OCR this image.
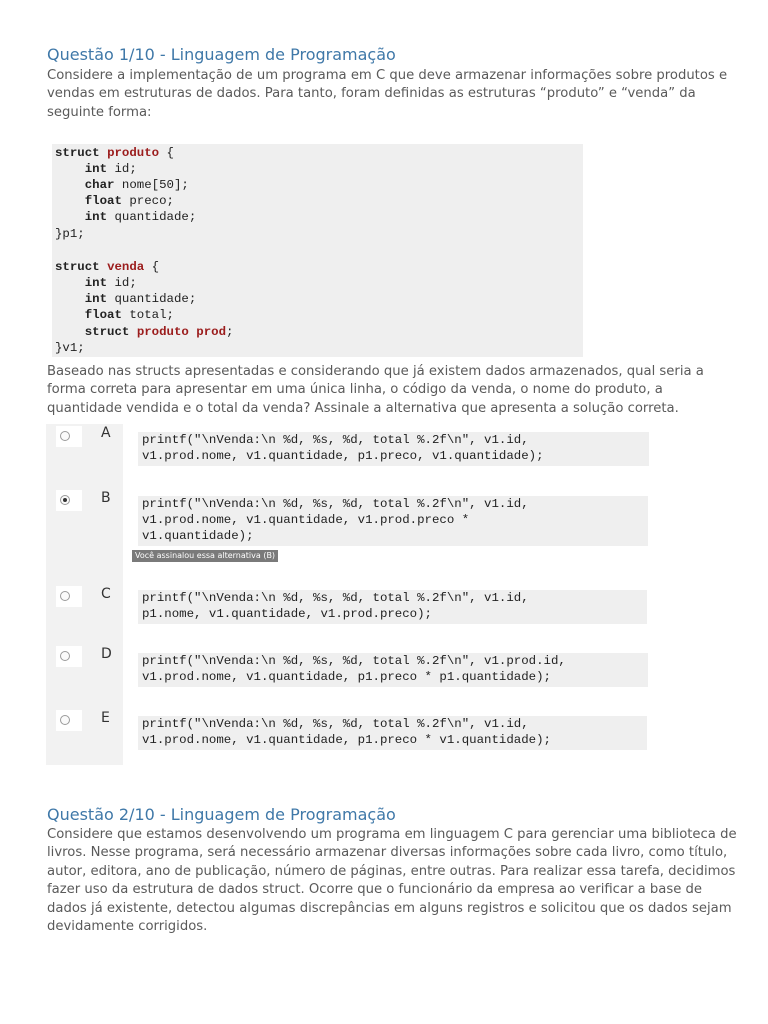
Questão 1/10 - Linguagem de Programação

Considere a implementação de um programa em C que deve armazenar informações sobre produtos e vendas em estruturas de dados. Para tanto, foram definidas as estruturas “produto” e “venda” da seguinte forma:

struct produto {
int id;
char nome[50];
float preco;
int quantidade;
}p1;
struct venda {
int id;
int quantidade;
float total;
struct produto prod;
}v1;

Baseado nas structs apresentadas e considerando que já existem dados armazenados, qual seria a forma correta para apresentar em uma única linha, o código da venda, o nome do produto, a quantidade vendida e o total da venda? Assinale a alternativa que apresenta a solução correta.

A	printf("\nVenda:\n %d, %s, %d, total %.2f\n", v1.id,
v1.prod.nome, v1.quantidade, p1.preco, v1.quantidade);
B	printf("\nVenda:\n %d, %s, %d, total %.2f\n", v1.id,
v1.prod.nome, v1.quantidade, v1.prod.preco *
v1.quantidade);
Você assinalou essa alternativa (B)
C	printf("\nVenda:\n %d, %s, %d, total %.2f\n", v1.id,
p1.nome, v1.quantidade, v1.prod.preco);
D printf("\nVenda:\n %d, %s, %d, total %.2f\n", v1.prod.id,
v1.prod.nome, v1.quantidade, p1.preco * p1.quantidade);
E	printf("\nVenda:\n %d, %s, %d, total %.2f\n", v1.id,
v1.prod.nome, v1.quantidade, p1.preco * v1.quantidade);
Questão 2/10 - Linguagem de Programação

Considere que estamos desenvolvendo um programa em linguagem C para gerenciar uma biblioteca de livros. Nesse programa, será necessário armazenar diversas informações sobre cada livro, como título, autor, editora, ano de publicação, número de páginas, entre outras. Para realizar essa tarefa, decidimos fazer uso da estrutura de dados struct. Ocorre que o funcionário da empresa ao verificar a base de dados já existente, detectou algumas discrepâncias em alguns registros e solicitou que os dados sejam devidamente corrigidos.
